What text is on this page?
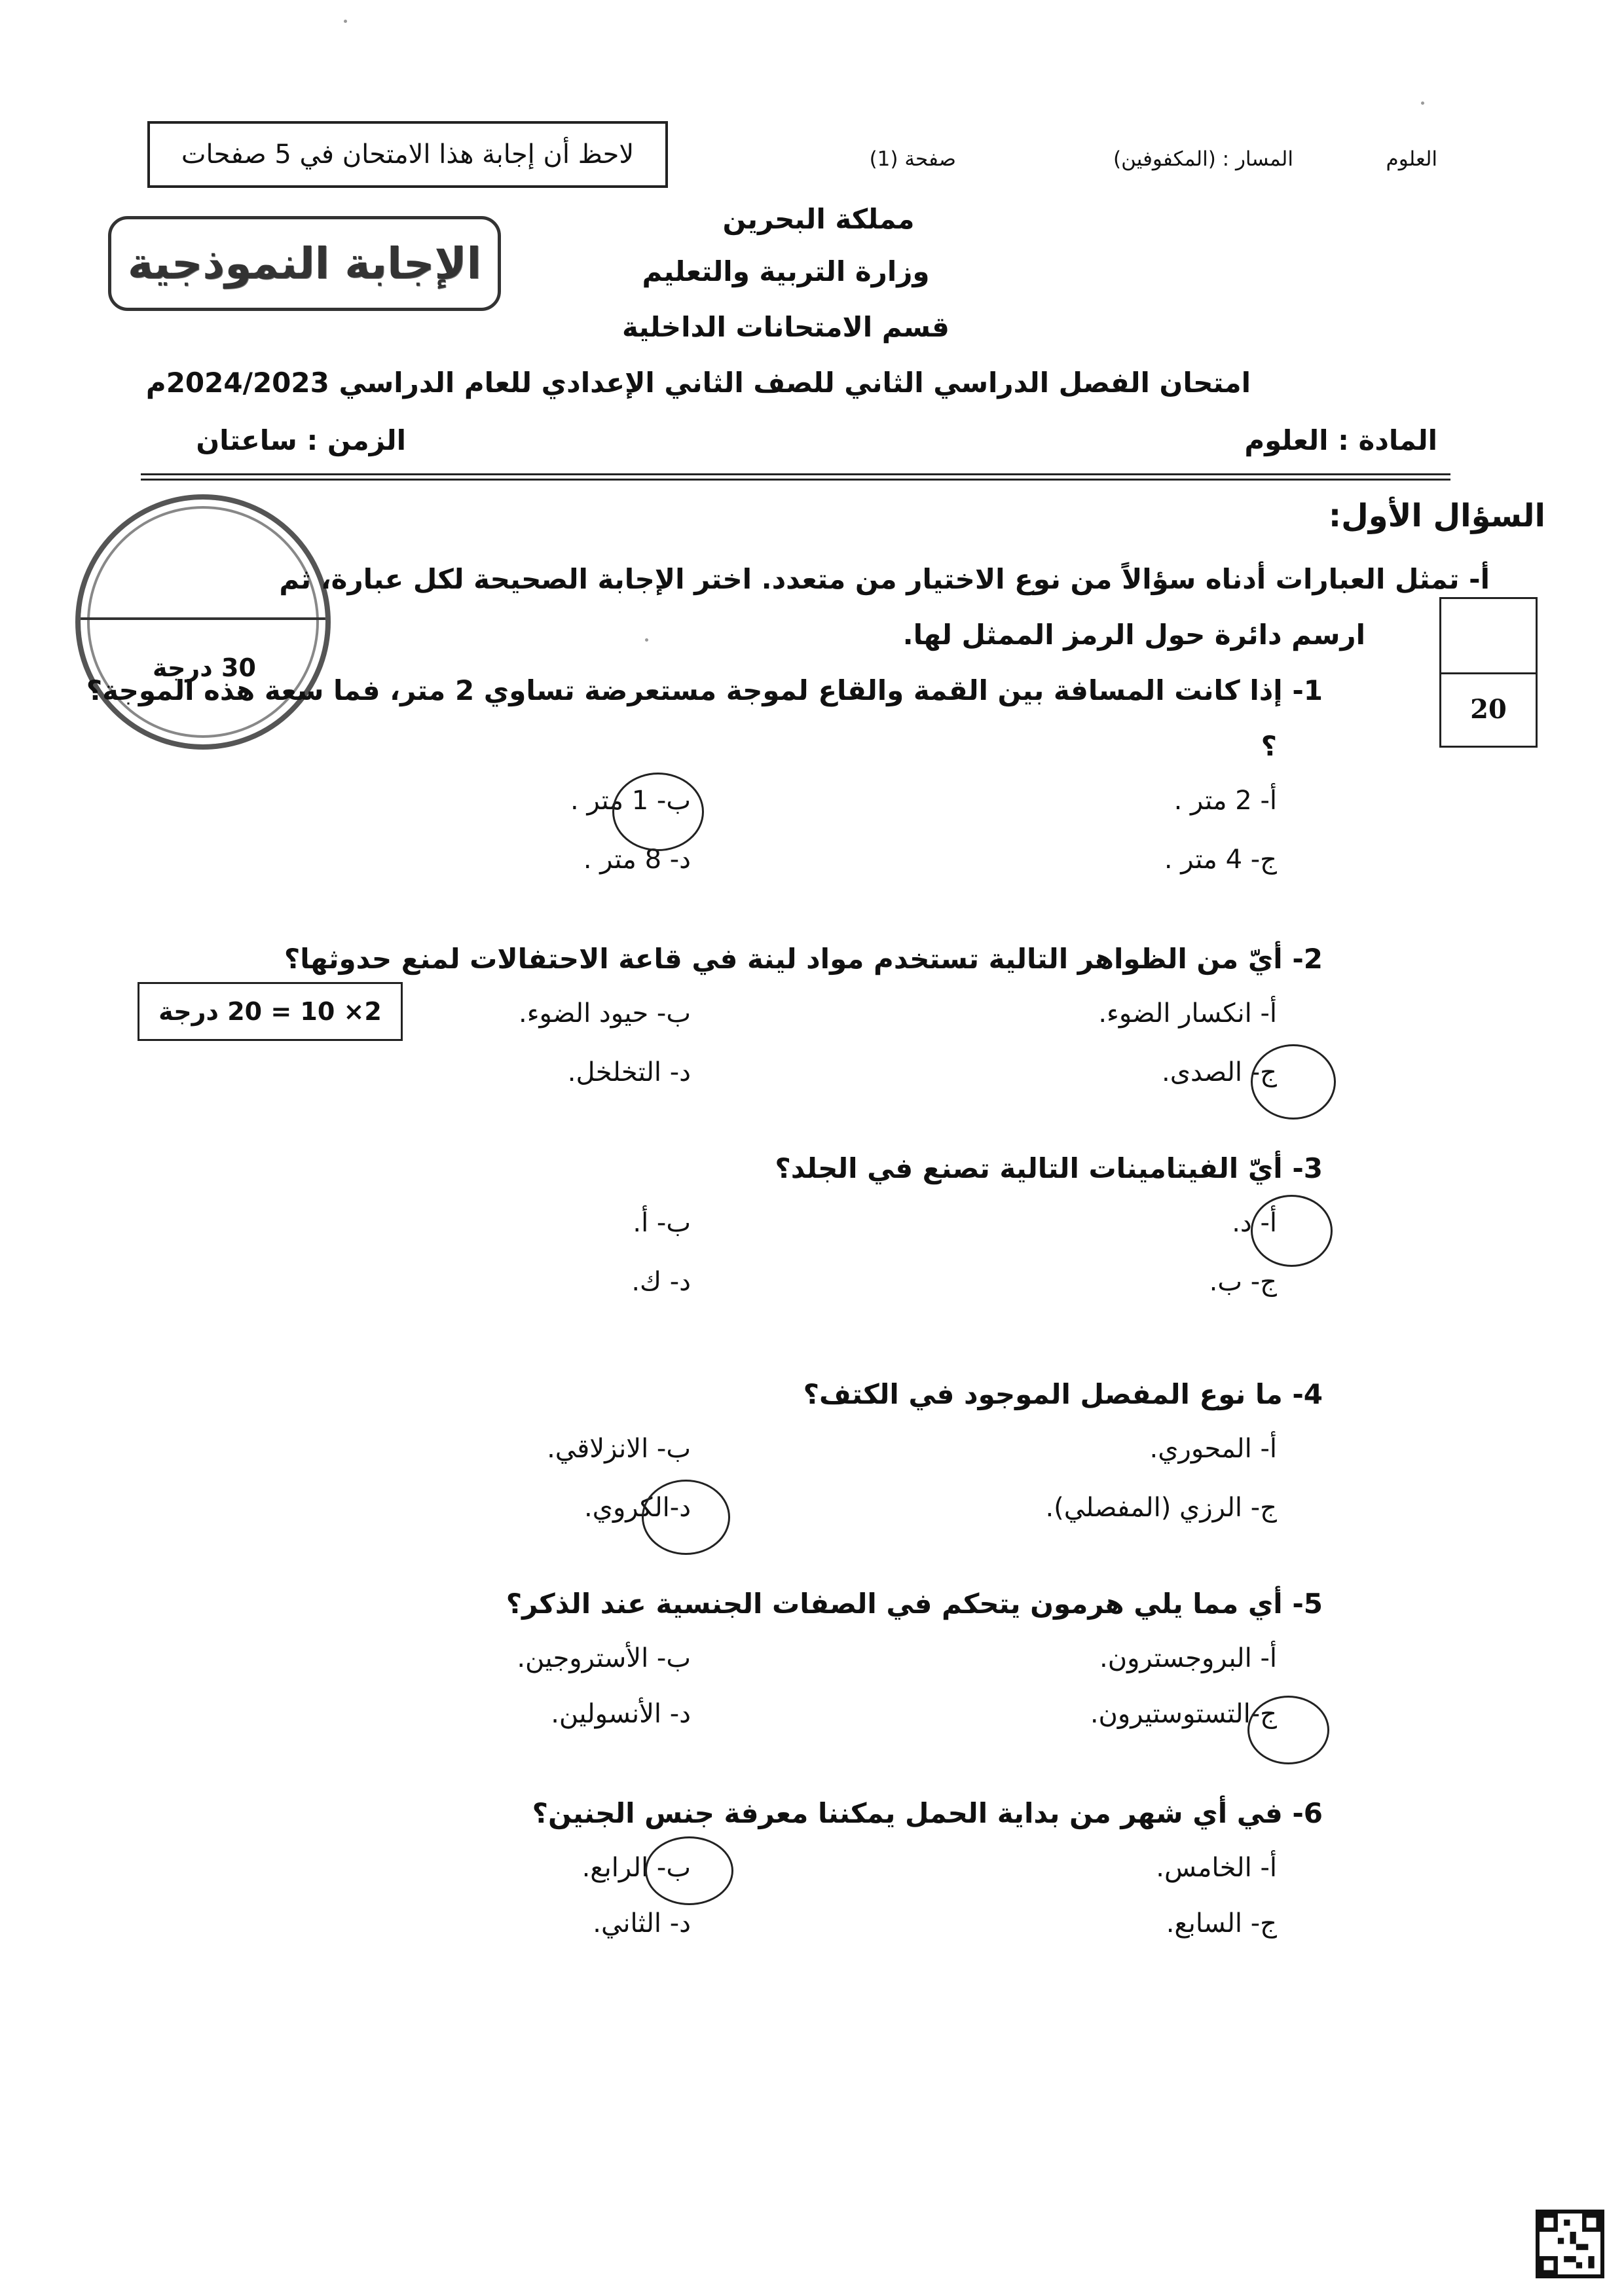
العلوم
المسار : (المكفوفين)
صفحة (1)
لاحظ أن إجابة هذا الامتحان في 5 صفحات
الإجابة النموذجية
مملكة البحرين
وزارة التربية والتعليم
قسم الامتحانات الداخلية
امتحان الفصل الدراسي الثاني للصف الثاني الإعدادي للعام الدراسي 2024/2023م
المادة : العلوم
الزمن : ساعتان
السؤال الأول:
30 درجة
أ- تمثل العبارات أدناه سؤالاً من نوع الاختيار من متعدد. اختر الإجابة الصحيحة لكل عبارة، ثم
ارسم دائرة حول الرمز الممثل لها.
20
2× 10 = 20 درجة
1- إذا كانت المسافة بين القمة والقاع لموجة مستعرضة تساوي 2 متر، فما سعة هذه الموجة؟
؟
أ- 2 متر .
ب- 1 متر .
ج- 4 متر .
د- 8 متر .
2- أيّ من الظواهر التالية تستخدم مواد لينة في قاعة الاحتفالات لمنع حدوثها؟
أ- انكسار الضوء.
ب- حيود الضوء.
ج- الصدى.
د- التخلخل.
3- أيّ الفيتامينات التالية تصنع في الجلد؟
أ- د.
ب- أ.
ج- ب.
د- ك.
4- ما نوع المفصل الموجود في الكتف؟
أ- المحوري.
ب- الانزلاقي.
ج- الرزي (المفصلي).
د-الكروي.
5- أي مما يلي هرمون يتحكم في الصفات الجنسية عند الذكر؟
أ- البروجسترون.
ب- الأستروجين.
ج-التستوستيرون.
د- الأنسولين.
6- في أي شهر من بداية الحمل يمكننا معرفة جنس الجنين؟
أ- الخامس.
ب- الرابع.
ج- السابع.
د- الثاني.
